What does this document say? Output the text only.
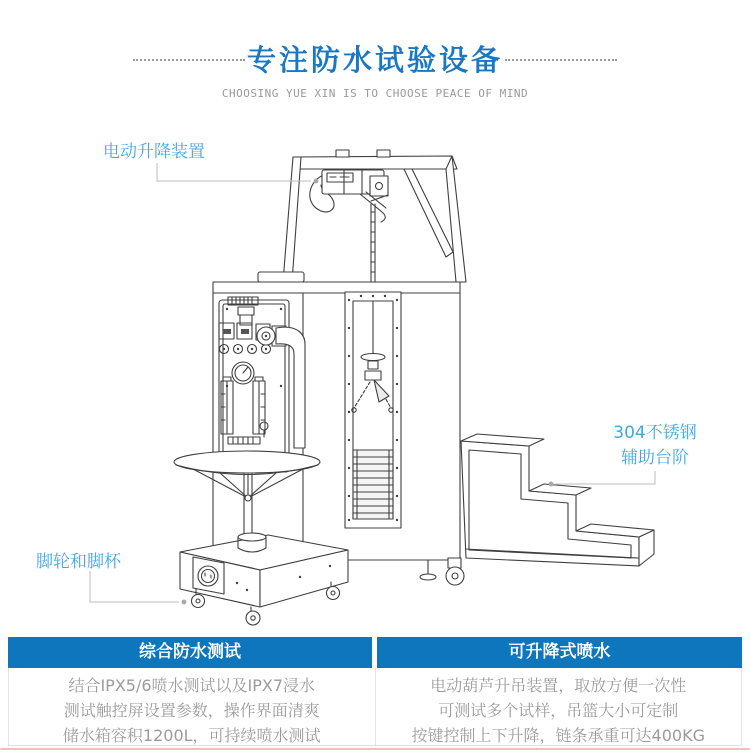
专注防水试验设备
CHOOSING YUE XIN IS TO CHOOSE PEACE OF MIND
电动升降装置
304不锈钢
辅助台阶
脚轮和脚杯
综合防水测试	可升降式喷水
结合IPX5/6喷水测试以及IPX7浸水
测试触控屏设置参数，操作界面清爽
储水箱容积1200L，可持续喷水测试
电动葫芦升吊装置，取放方便一次性
可测试多个试样，吊篮大小可定制
按键控制上下升降，链条承重可达400KG
